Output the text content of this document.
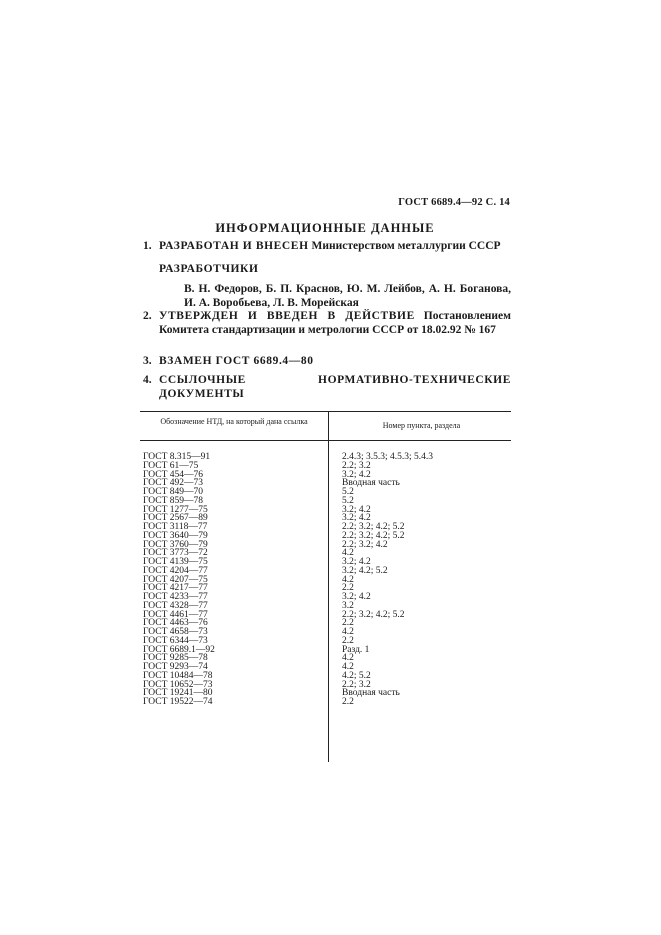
ГОСТ 6689.4—92 С. 14
ИНФОРМАЦИОННЫЕ ДАННЫЕ
1. РАЗРАБОТАН И ВНЕСЕН Министерством металлургии СССР
РАЗРАБОТЧИКИ
В. Н. Федоров, Б. П. Краснов, Ю. М. Лейбов, А. Н. Боганова, И. А. Воробьева, Л. В. Морейская
2. УТВЕРЖДЕН И ВВЕДЕН В ДЕЙСТВИЕ Постановлением Комитета стандартизации и метрологии СССР от 18.02.92 № 167
3. ВЗАМЕН ГОСТ 6689.4—80
4. ССЫЛОЧНЫЕ НОРМАТИВНО-ТЕХНИЧЕСКИЕ ДОКУМЕНТЫ
Обозначение НТД, на который дана ссылка	Номер пункта, раздела
ГОСТ 8.315—91
ГОСТ 61—75
ГОСТ 454—76
ГОСТ 492—73
ГОСТ 849—70
ГОСТ 859—78
ГОСТ 1277—75
ГОСТ 2567—89
ГОСТ 3118—77
ГОСТ 3640—79
ГОСТ 3760—79
ГОСТ 3773—72
ГОСТ 4139—75
ГОСТ 4204—77
ГОСТ 4207—75
ГОСТ 4217—77
ГОСТ 4233—77
ГОСТ 4328—77
ГОСТ 4461—77
ГОСТ 4463—76
ГОСТ 4658—73
ГОСТ 6344—73
ГОСТ 6689.1—92
ГОСТ 9285—78
ГОСТ 9293—74
ГОСТ 10484—78
ГОСТ 10652—73
ГОСТ 19241—80
ГОСТ 19522—74
2.4.3; 3.5.3; 4.5.3; 5.4.3
2.2; 3.2
3.2; 4.2
Вводная часть
5.2
5.2
3.2; 4.2
3.2; 4.2
2.2; 3.2; 4.2; 5.2
2.2; 3.2; 4.2; 5.2
2.2; 3.2; 4.2
4.2
3.2; 4.2
3.2; 4.2; 5.2
4.2
2.2
3.2; 4.2
3.2
2.2; 3.2; 4.2; 5.2
2.2
4.2
2.2
Разд. 1
4.2
4.2
4.2; 5.2
2.2; 3.2
Вводная часть
2.2
